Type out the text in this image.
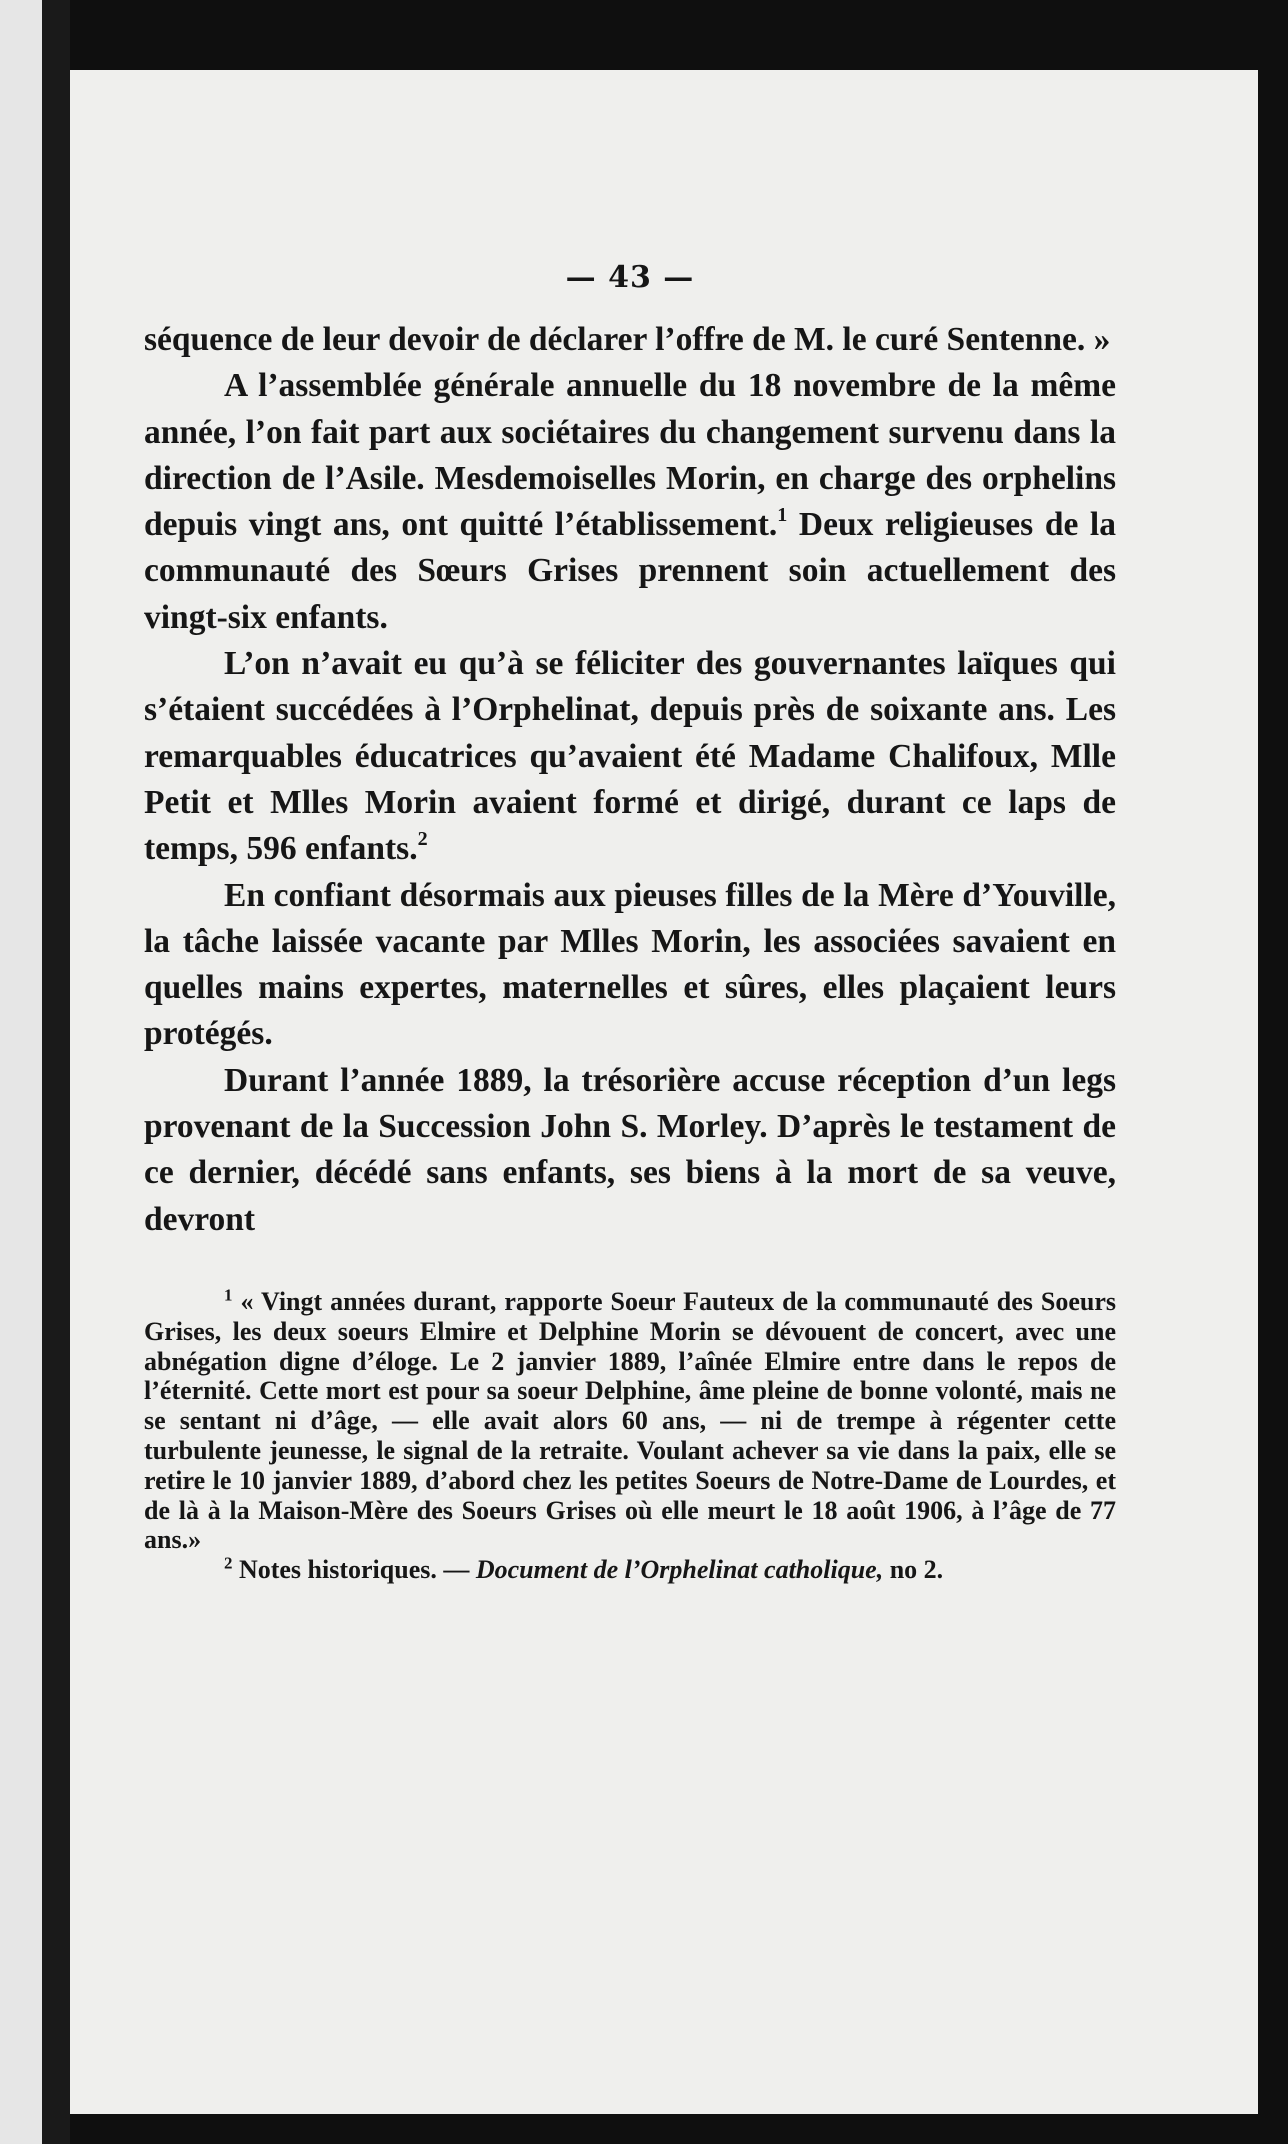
— 43 —

séquence de leur devoir de déclarer l’offre de M. le curé Sentenne. »

A l’assemblée générale annuelle du 18 novembre de la même année, l’on fait part aux sociétaires du changement survenu dans la direction de l’Asile. Mesdemoiselles Morin, en charge des orphelins depuis vingt ans, ont quitté l’établissement.$^1$ Deux religieuses de la communauté des Sœurs Grises prennent soin actuellement des vingt-six enfants.

L’on n’avait eu qu’à se féliciter des gouvernantes laïques qui s’étaient succédées à l’Orphelinat, depuis près de soixante ans. Les remarquables éducatrices qu’avaient été Madame Chalifoux, Mlle Petit et Mlles Morin avaient formé et dirigé, durant ce laps de temps, 596 enfants.$^2$

En confiant désormais aux pieuses filles de la Mère d’Youville, la tâche laissée vacante par Mlles Morin, les associées savaient en quelles mains expertes, maternelles et sûres, elles plaçaient leurs protégés.

Durant l’année 1889, la trésorière accuse réception d’un legs provenant de la Succession John S. Morley. D’après le testament de ce dernier, décédé sans enfants, ses biens à la mort de sa veuve, devront

$^1$ « Vingt années durant, rapporte Soeur Fauteux de la communauté des Soeurs Grises, les deux soeurs Elmire et Delphine Morin se dévouent de concert, avec une abnégation digne d’éloge. Le 2 janvier 1889, l’aînée Elmire entre dans le repos de l’éternité. Cette mort est pour sa soeur Delphine, âme pleine de bonne volonté, mais ne se sentant ni d’âge, — elle avait alors 60 ans, — ni de trempe à régenter cette turbulente jeunesse, le signal de la retraite. Voulant achever sa vie dans la paix, elle se retire le 10 janvier 1889, d’abord chez les petites Soeurs de Notre-Dame de Lourdes, et de là à la Maison-Mère des Soeurs Grises où elle meurt le 18 août 1906, à l’âge de 77 ans.»

$^2$ Notes historiques. — Document de l’Orphelinat catholique, no 2.
